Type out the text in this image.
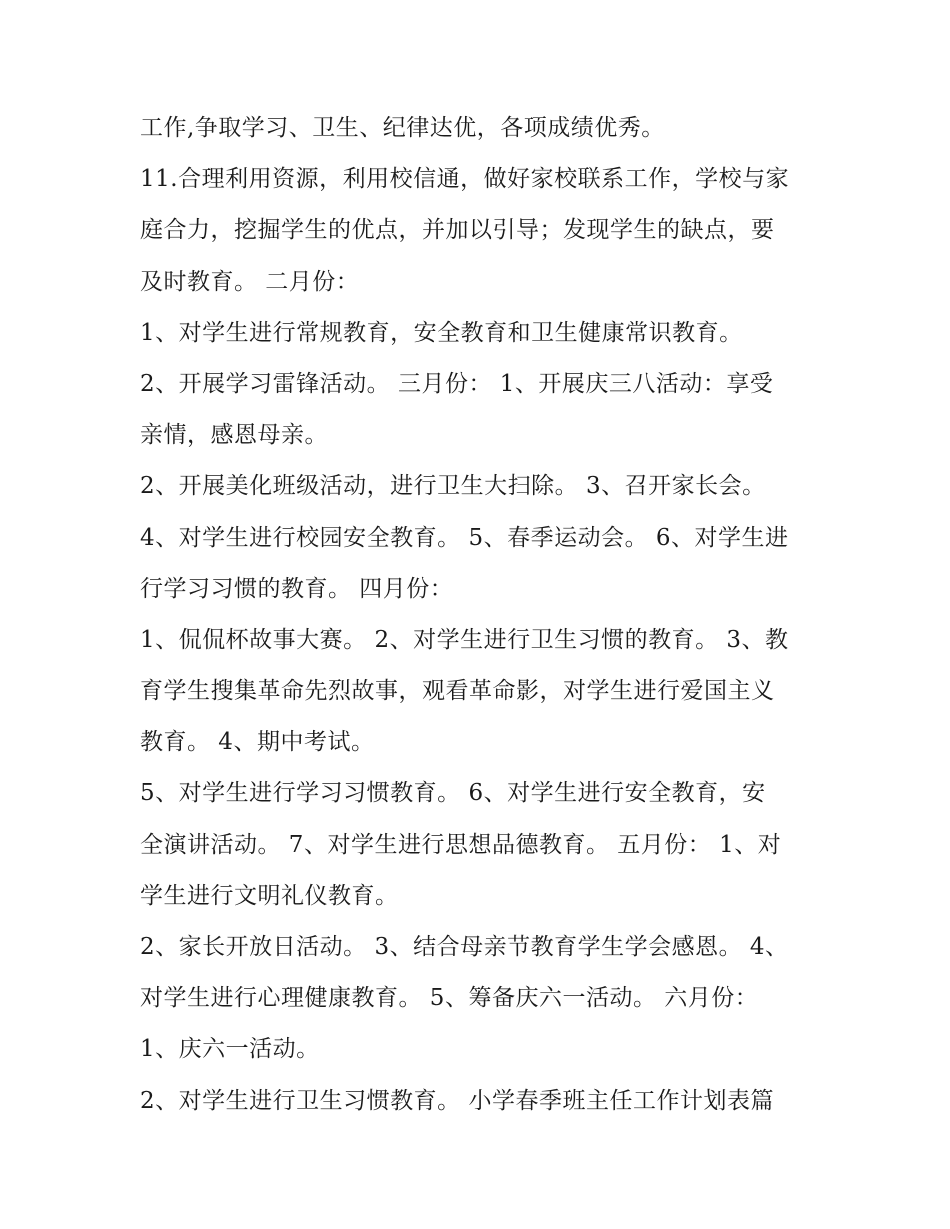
工作,争取学习、卫生、纪律达优，各项成绩优秀。
11.合理利用资源，利用校信通，做好家校联系工作，学校与家
庭合力，挖掘学生的优点，并加以引导；发现学生的缺点，要
及时教育。 二月份：
1、对学生进行常规教育，安全教育和卫生健康常识教育。
2、开展学习雷锋活动。 三月份： 1、开展庆三八活动：享受
亲情，感恩母亲。
2、开展美化班级活动，进行卫生大扫除。 3、召开家长会。
4、对学生进行校园安全教育。 5、春季运动会。 6、对学生进
行学习习惯的教育。 四月份：
1、侃侃杯故事大赛。 2、对学生进行卫生习惯的教育。 3、教
育学生搜集革命先烈故事，观看革命影，对学生进行爱国主义
教育。 4、期中考试。
5、对学生进行学习习惯教育。 6、对学生进行安全教育，安
全演讲活动。 7、对学生进行思想品德教育。 五月份： 1、对
学生进行文明礼仪教育。
2、家长开放日活动。 3、结合母亲节教育学生学会感恩。 4、
对学生进行心理健康教育。 5、筹备庆六一活动。 六月份：
1、庆六一活动。
2、对学生进行卫生习惯教育。 小学春季班主任工作计划表篇
